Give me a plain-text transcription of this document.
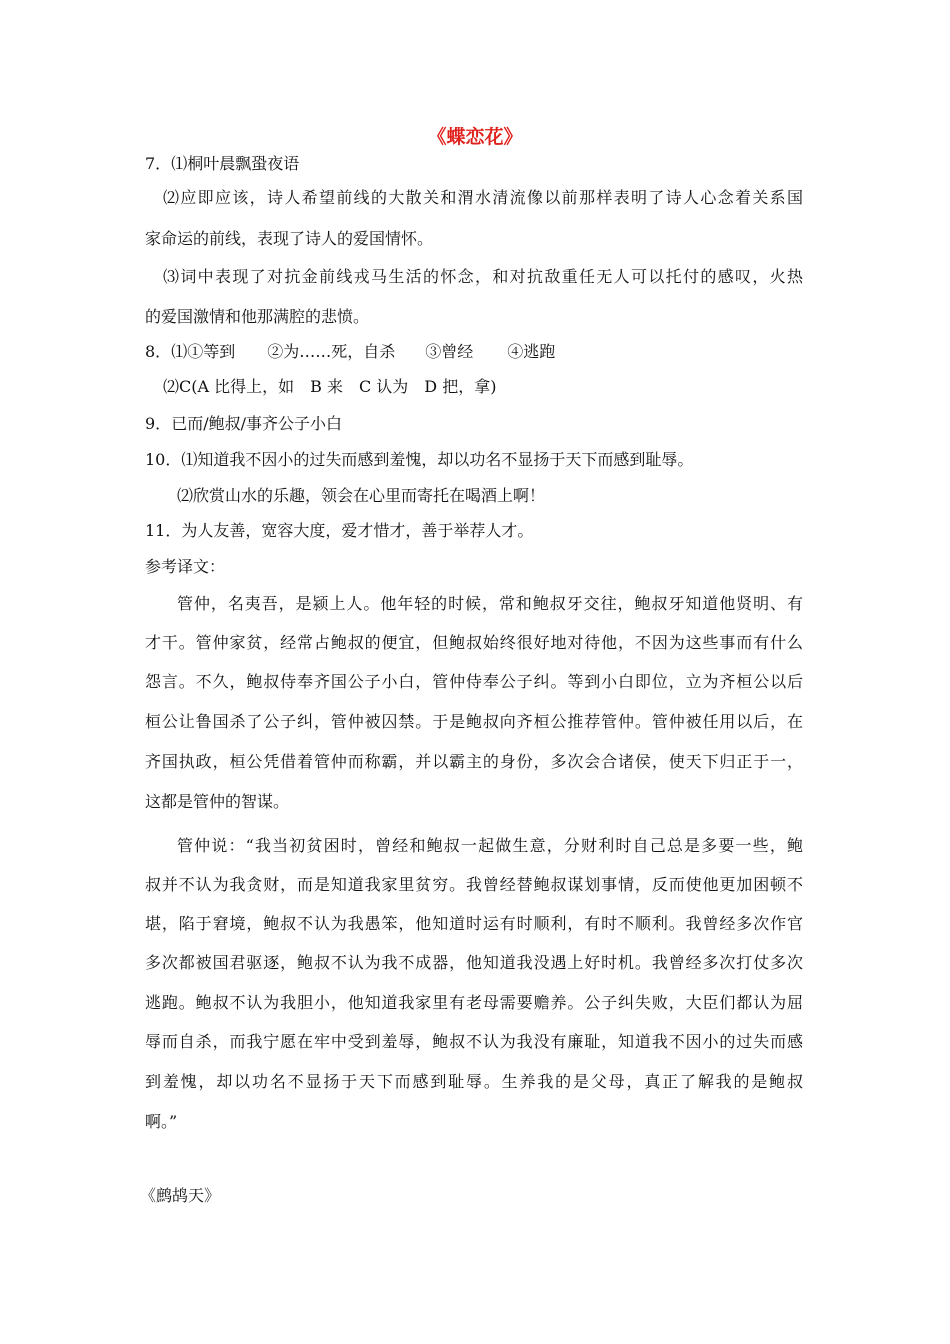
《蝶恋花》
7．⑴桐叶晨飘蛩夜语
⑵应即应该，诗人希望前线的大散关和渭水清流像以前那样表明了诗人心念着关系国
家命运的前线，表现了诗人的爱国情怀。
⑶词中表现了对抗金前线戎马生活的怀念，和对抗敌重任无人可以托付的感叹，火热
的爱国激情和他那满腔的悲愤。
8．⑴①等到 ②为……死，自杀 ③曾经 ④逃跑
⑵C(A 比得上，如　B 来　C 认为　D 把，拿)
9．已而/鲍叔/事齐公子小白
10．⑴知道我不因小的过失而感到羞愧，却以功名不显扬于天下而感到耻辱。
⑵欣赏山水的乐趣，领会在心里而寄托在喝酒上啊！
11．为人友善，宽容大度，爱才惜才，善于举荐人才。
参考译文：
管仲，名夷吾，是颍上人。他年轻的时候，常和鲍叔牙交往，鲍叔牙知道他贤明、有
才干。管仲家贫，经常占鲍叔的便宜，但鲍叔始终很好地对待他，不因为这些事而有什么
怨言。不久，鲍叔侍奉齐国公子小白，管仲侍奉公子纠。等到小白即位，立为齐桓公以后
桓公让鲁国杀了公子纠，管仲被囚禁。于是鲍叔向齐桓公推荐管仲。管仲被任用以后，在
齐国执政，桓公凭借着管仲而称霸，并以霸主的身份，多次会合诸侯，使天下归正于一，
这都是管仲的智谋。
管仲说：“我当初贫困时，曾经和鲍叔一起做生意，分财利时自己总是多要一些，鲍
叔并不认为我贪财，而是知道我家里贫穷。我曾经替鲍叔谋划事情，反而使他更加困顿不
堪，陷于窘境，鲍叔不认为我愚笨，他知道时运有时顺利，有时不顺利。我曾经多次作官
多次都被国君驱逐，鲍叔不认为我不成器，他知道我没遇上好时机。我曾经多次打仗多次
逃跑。鲍叔不认为我胆小，他知道我家里有老母需要赡养。公子纠失败，大臣们都认为屈
辱而自杀，而我宁愿在牢中受到羞辱，鲍叔不认为我没有廉耻，知道我不因小的过失而感
到羞愧，却以功名不显扬于天下而感到耻辱。生养我的是父母，真正了解我的是鲍叔
啊。”
《鹧鸪天》
